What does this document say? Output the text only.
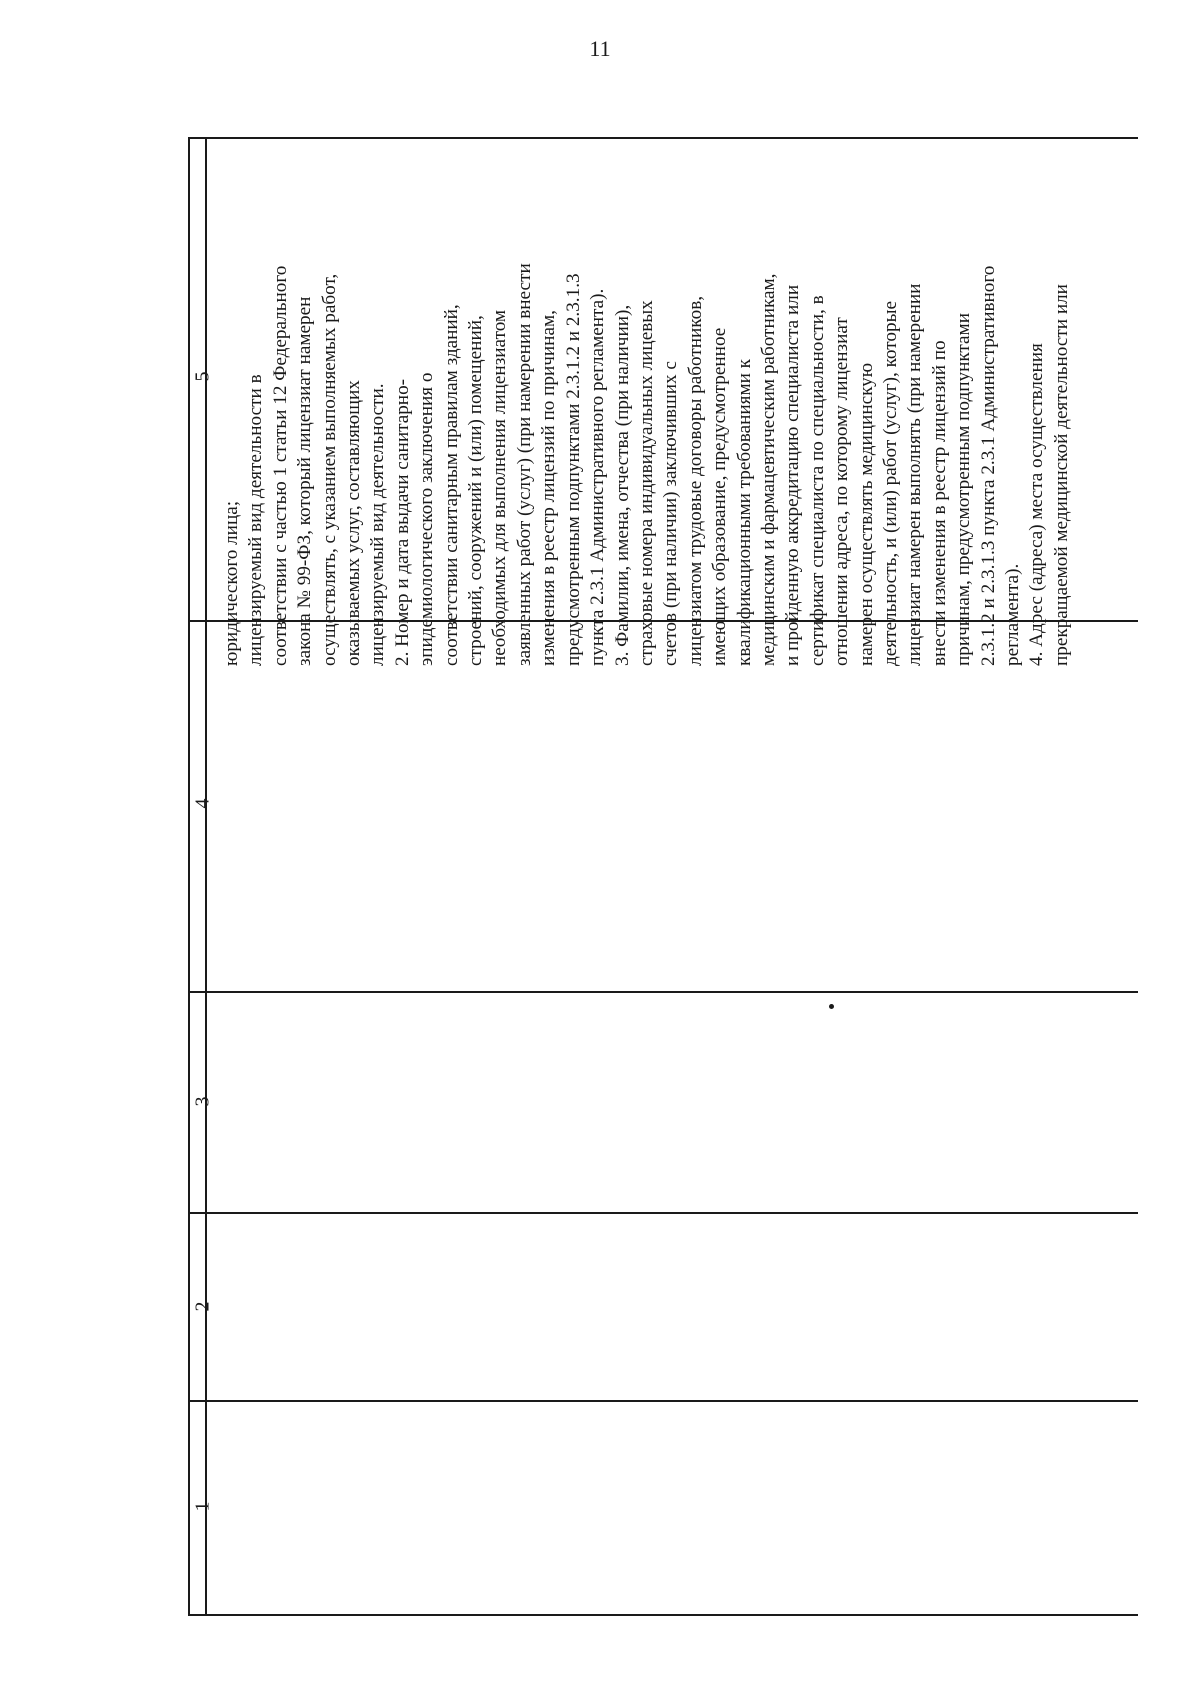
11
5
4
3
2
1
юридического лица; лицензируемый вид деятельности в соответствии с частью 1 статьи 12 Федерального закона № 99-ФЗ, который лицензиат намерен осуществлять, с указанием выполняемых работ, оказываемых услуг, составляющих лицензируемый вид деятельности. 2. Номер и дата выдачи санитарно- эпидемиологического заключения о соответствии санитарным правилам зданий, строений, сооружений и (или) помещений, необходимых для выполнения лицензиатом заявленных работ (услуг) (при намерении внести изменения в реестр лицензий по причинам, предусмотренным подпунктами 2.3.1.2 и 2.3.1.3 пункта 2.3.1 Административного регламента). 3. Фамилии, имена, отчества (при наличии), страховые номера индивидуальных лицевых счетов (при наличии) заключивших с лицензиатом трудовые договоры работников, имеющих образование, предусмотренное квалификационными требованиями к медицинским и фармацевтическим работникам, и пройденную аккредитацию специалиста или сертификат специалиста по специальности, в отношении адреса, по которому лицензиат намерен осуществлять медицинскую деятельность, и (или) работ (услуг), которые лицензиат намерен выполнять (при намерении внести изменения в реестр лицензий по причинам, предусмотренным подпунктами 2.3.1.2 и 2.3.1.3 пункта 2.3.1 Административного регламента). 4. Адрес (адреса) места осуществления прекращаемой медицинской деятельности или
